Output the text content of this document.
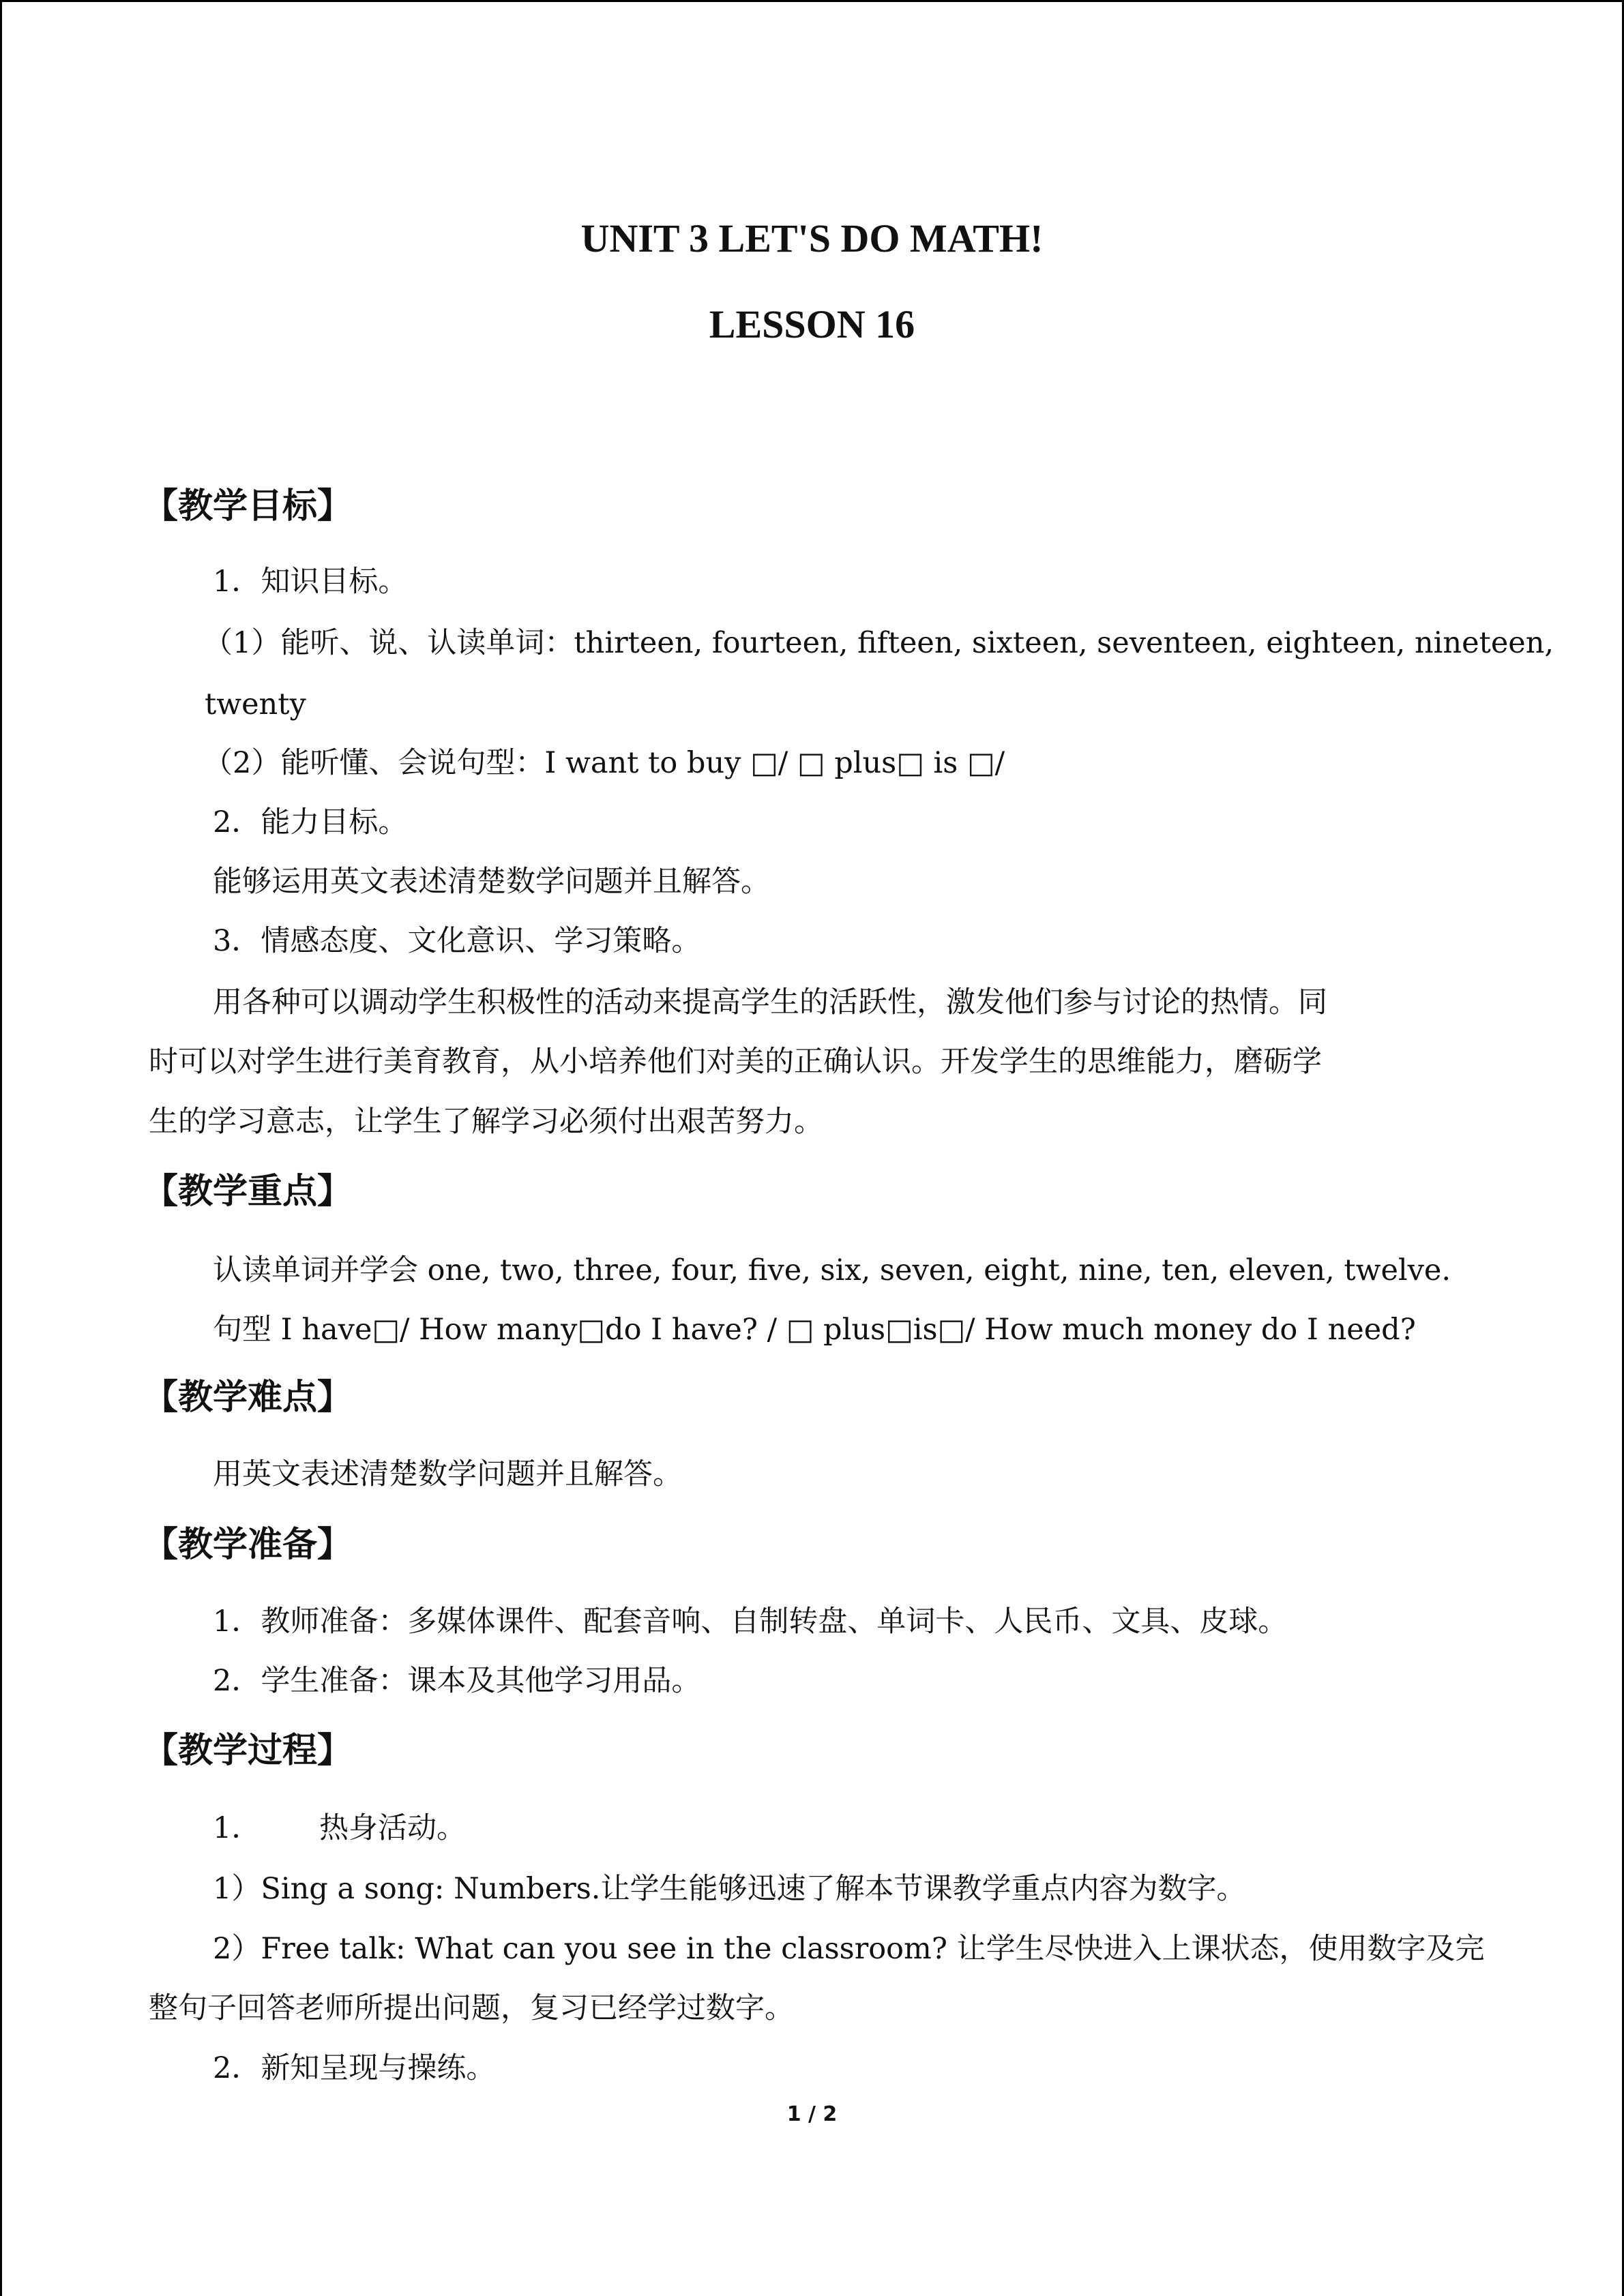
UNIT 3 LET'S DO MATH!
LESSON 16
【教学目标】
1．知识目标。
（1）能听、说、认读单词：thirteen, fourteen, fifteen, sixteen, seventeen, eighteen, nineteen,
twenty
（2）能听懂、会说句型：I want to buy □/ □ plus□ is □/
2．能力目标。
能够运用英文表述清楚数学问题并且解答。
3．情感态度、文化意识、学习策略。
用各种可以调动学生积极性的活动来提高学生的活跃性，激发他们参与讨论的热情。同
时可以对学生进行美育教育，从小培养他们对美的正确认识。开发学生的思维能力，磨砺学
生的学习意志，让学生了解学习必须付出艰苦努力。
【教学重点】
认读单词并学会 one, two, three, four, five, six, seven, eight, nine, ten, eleven, twelve.
句型 I have□/ How many□do I have? / □ plus□is□/ How much money do I need?
【教学难点】
用英文表述清楚数学问题并且解答。
【教学准备】
1．教师准备：多媒体课件、配套音响、自制转盘、单词卡、人民币、文具、皮球。
2．学生准备：课本及其他学习用品。
【教学过程】
1． 热身活动。
1）Sing a song: Numbers.让学生能够迅速了解本节课教学重点内容为数字。
2）Free talk: What can you see in the classroom? 让学生尽快进入上课状态，使用数字及完
整句子回答老师所提出问题，复习已经学过数字。
2．新知呈现与操练。
1 / 2
